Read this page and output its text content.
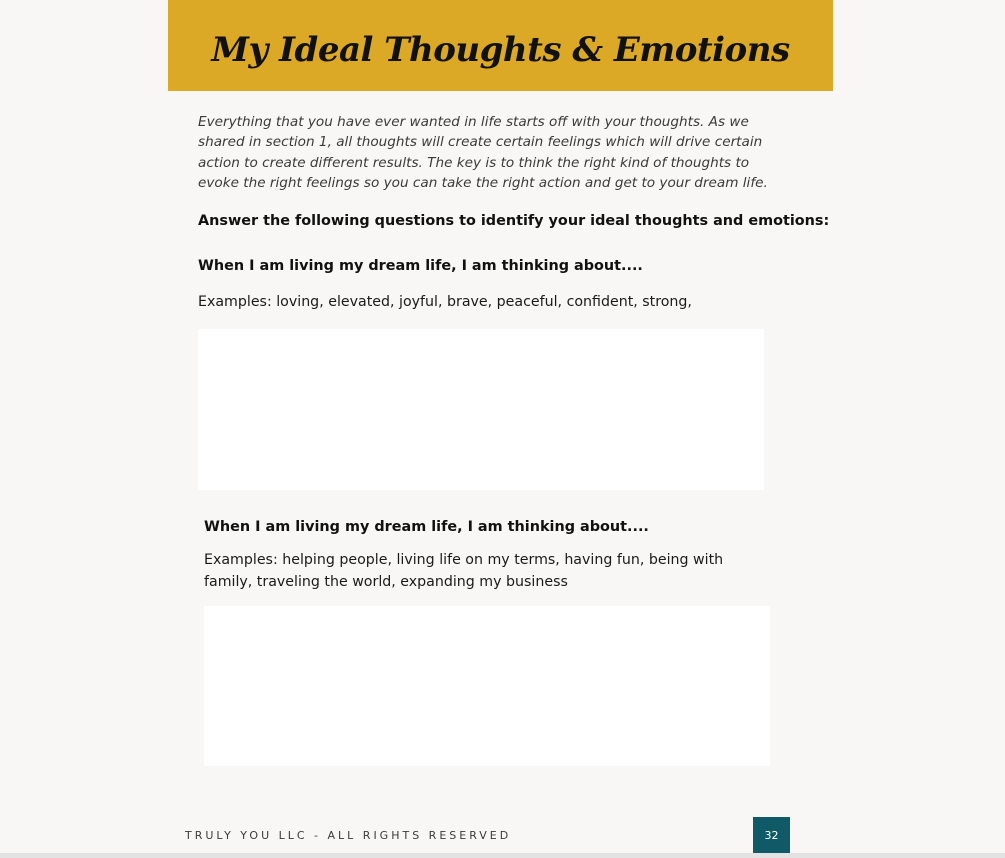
My Ideal Thoughts & Emotions

Everything that you have ever wanted in life starts off with your thoughts. As we shared in section 1, all thoughts will create certain feelings which will drive certain action to create different results. The key is to think the right kind of thoughts to evoke the right feelings so you can take the right action and get to your dream life.

Answer the following questions to identify your ideal thoughts and emotions:

When I am living my dream life, I am thinking about....

Examples: loving, elevated, joyful, brave, peaceful, confident, strong,

When I am living my dream life, I am thinking about....

Examples: helping people, living life on my terms, having fun, being with family, traveling the world, expanding my business

TRULY YOU LLC - ALL RIGHTS RESERVED	32
